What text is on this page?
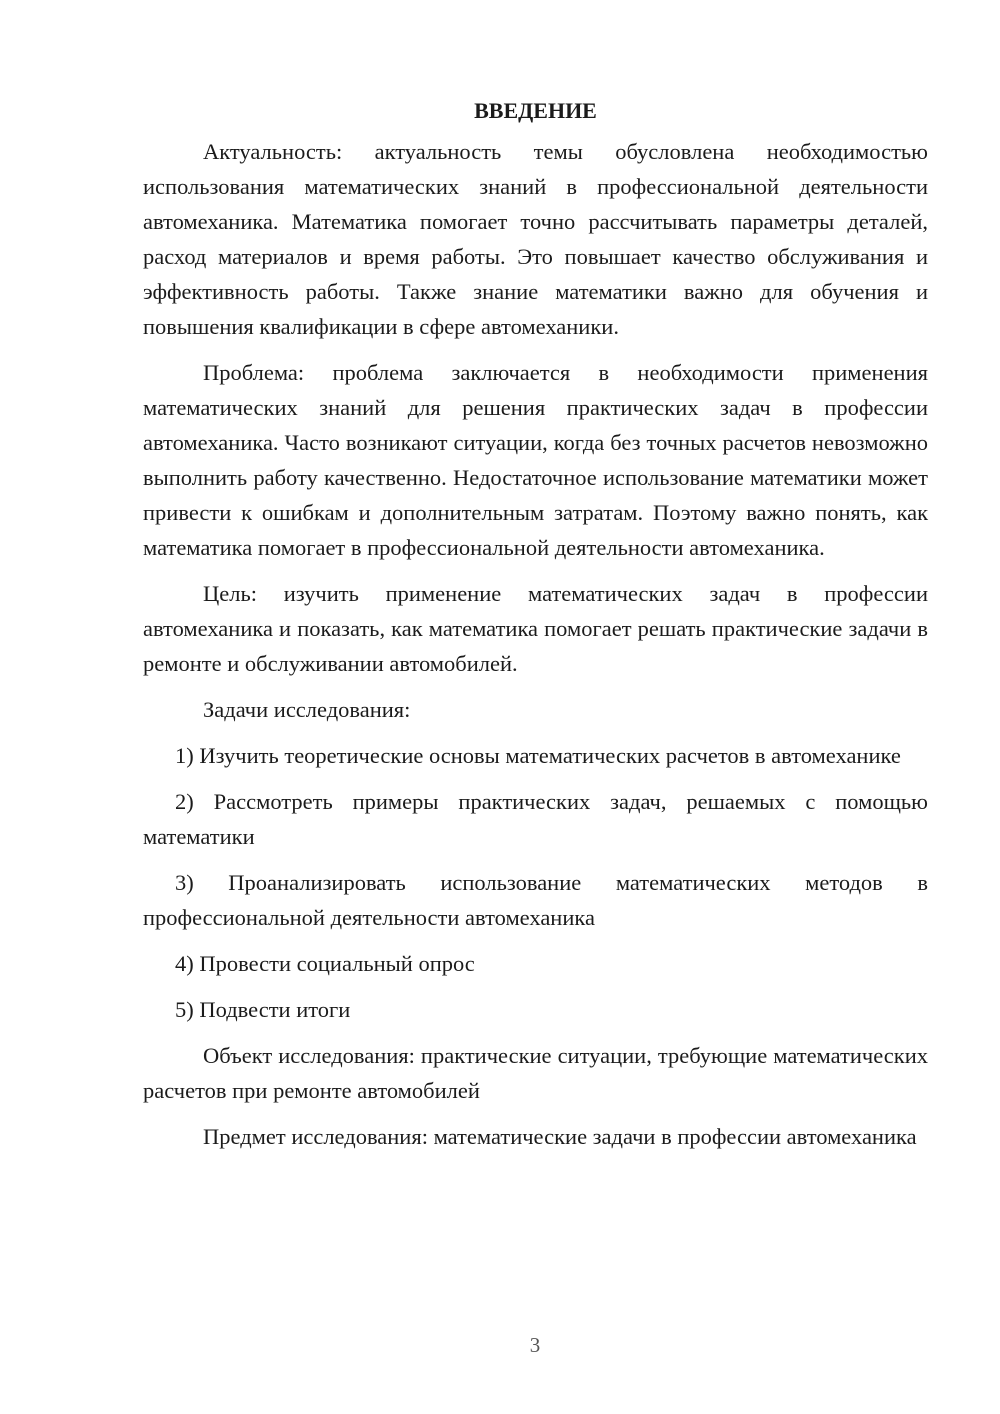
ВВЕДЕНИЕ

Актуальность: актуальность темы обусловлена необходимостью использования математических знаний в профессиональной деятельности автомеханика. Математика помогает точно рассчитывать параметры деталей, расход материалов и время работы. Это повышает качество обслуживания и эффективность работы. Также знание математики важно для обучения и повышения квалификации в сфере автомеханики.

Проблема: проблема заключается в необходимости применения математических знаний для решения практических задач в профессии автомеханика. Часто возникают ситуации, когда без точных расчетов невозможно выполнить работу качественно. Недостаточное использование математики может привести к ошибкам и дополнительным затратам. Поэтому важно понять, как математика помогает в профессиональной деятельности автомеханика.

Цель: изучить применение математических задач в профессии автомеханика и показать, как математика помогает решать практические задачи в ремонте и обслуживании автомобилей.

Задачи исследования:

1) Изучить теоретические основы математических расчетов в автомеханике

2) Рассмотреть примеры практических задач, решаемых с помощью математики

3) Проанализировать использование математических методов в профессиональной деятельности автомеханика

4) Провести социальный опрос

5) Подвести итоги

Объект исследования: практические ситуации, требующие математических расчетов при ремонте автомобилей

Предмет исследования: математические задачи в профессии автомеханика

3
